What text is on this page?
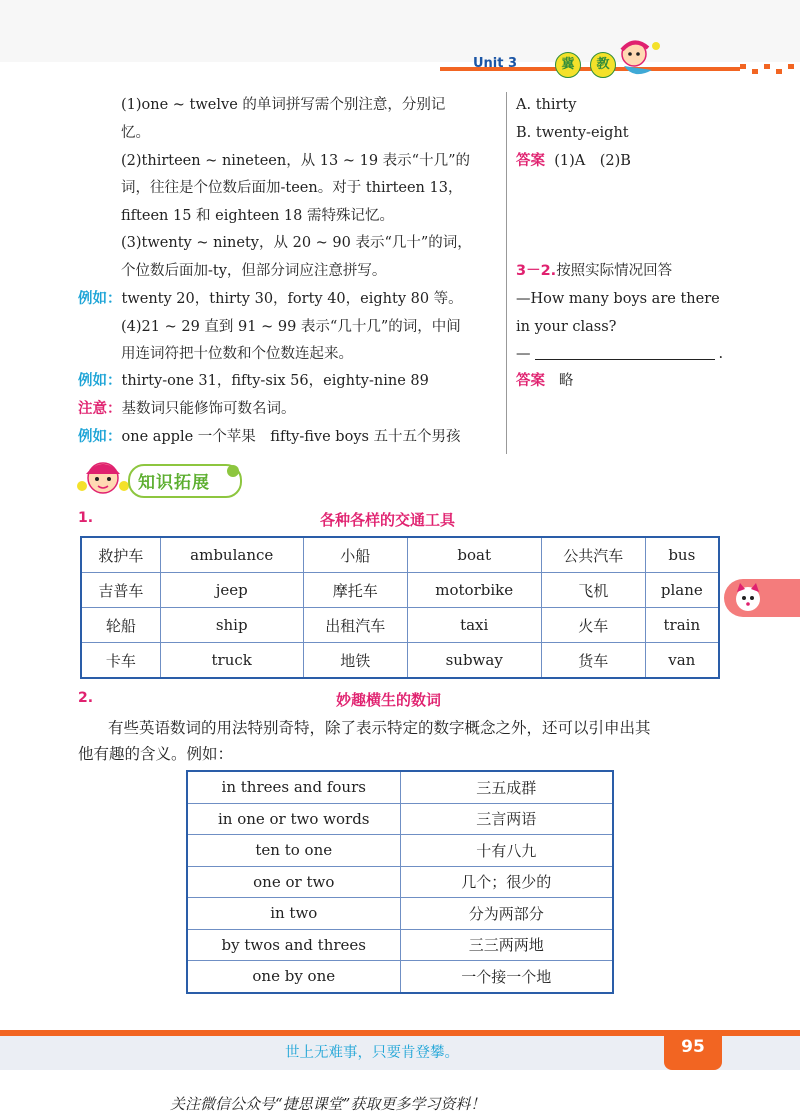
Unit 3	冀	教
(1)one ~ twelve 的单词拼写需个别注意，分别记
忆。
(2)thirteen ~ nineteen，从 13 ~ 19 表示“十几”的
词，往往是个位数后面加-teen。对于 thirteen 13，
fifteen 15 和 eighteen 18 需特殊记忆。
(3)twenty ~ ninety，从 20 ~ 90 表示“几十”的词，
个位数后面加-ty，但部分词应注意拼写。
例如：twenty 20，thirty 30，forty 40，eighty 80 等。
(4)21 ~ 29 直到 91 ~ 99 表示“几十几”的词，中间
用连词符把十位数和个位数连起来。
例如：thirty-one 31，fifty-six 56，eighty-nine 89
注意：基数词只能修饰可数名词。
例如：one apple 一个苹果　fifty-five boys 五十五个男孩
A. thirty
B. twenty-eight
答案 (1)A　(2)B
3－2.按照实际情况回答
—How many boys are there
in your class?
—	.
答案 略
知识拓展
1.	各种各样的交通工具
救护车	ambulance	小船	boat	公共汽车	bus
吉普车	jeep	摩托车	motorbike	飞机	plane
轮船	ship	出租汽车	taxi	火车	train
卡车	truck	地铁	subway	货车	van
2.	妙趣横生的数词
有些英语数词的用法特别奇特，除了表示特定的数字概念之外，还可以引申出其
他有趣的含义。例如：
in threes and fours	三五成群
in one or two words	三言两语
ten to one	十有八九
one or two	几个；很少的
in two	分为两部分
by twos and threes	三三两两地
one by one	一个接一个地
世上无难事，只要肯登攀。	95
关注微信公众号“捷思课堂”获取更多学习资料！
